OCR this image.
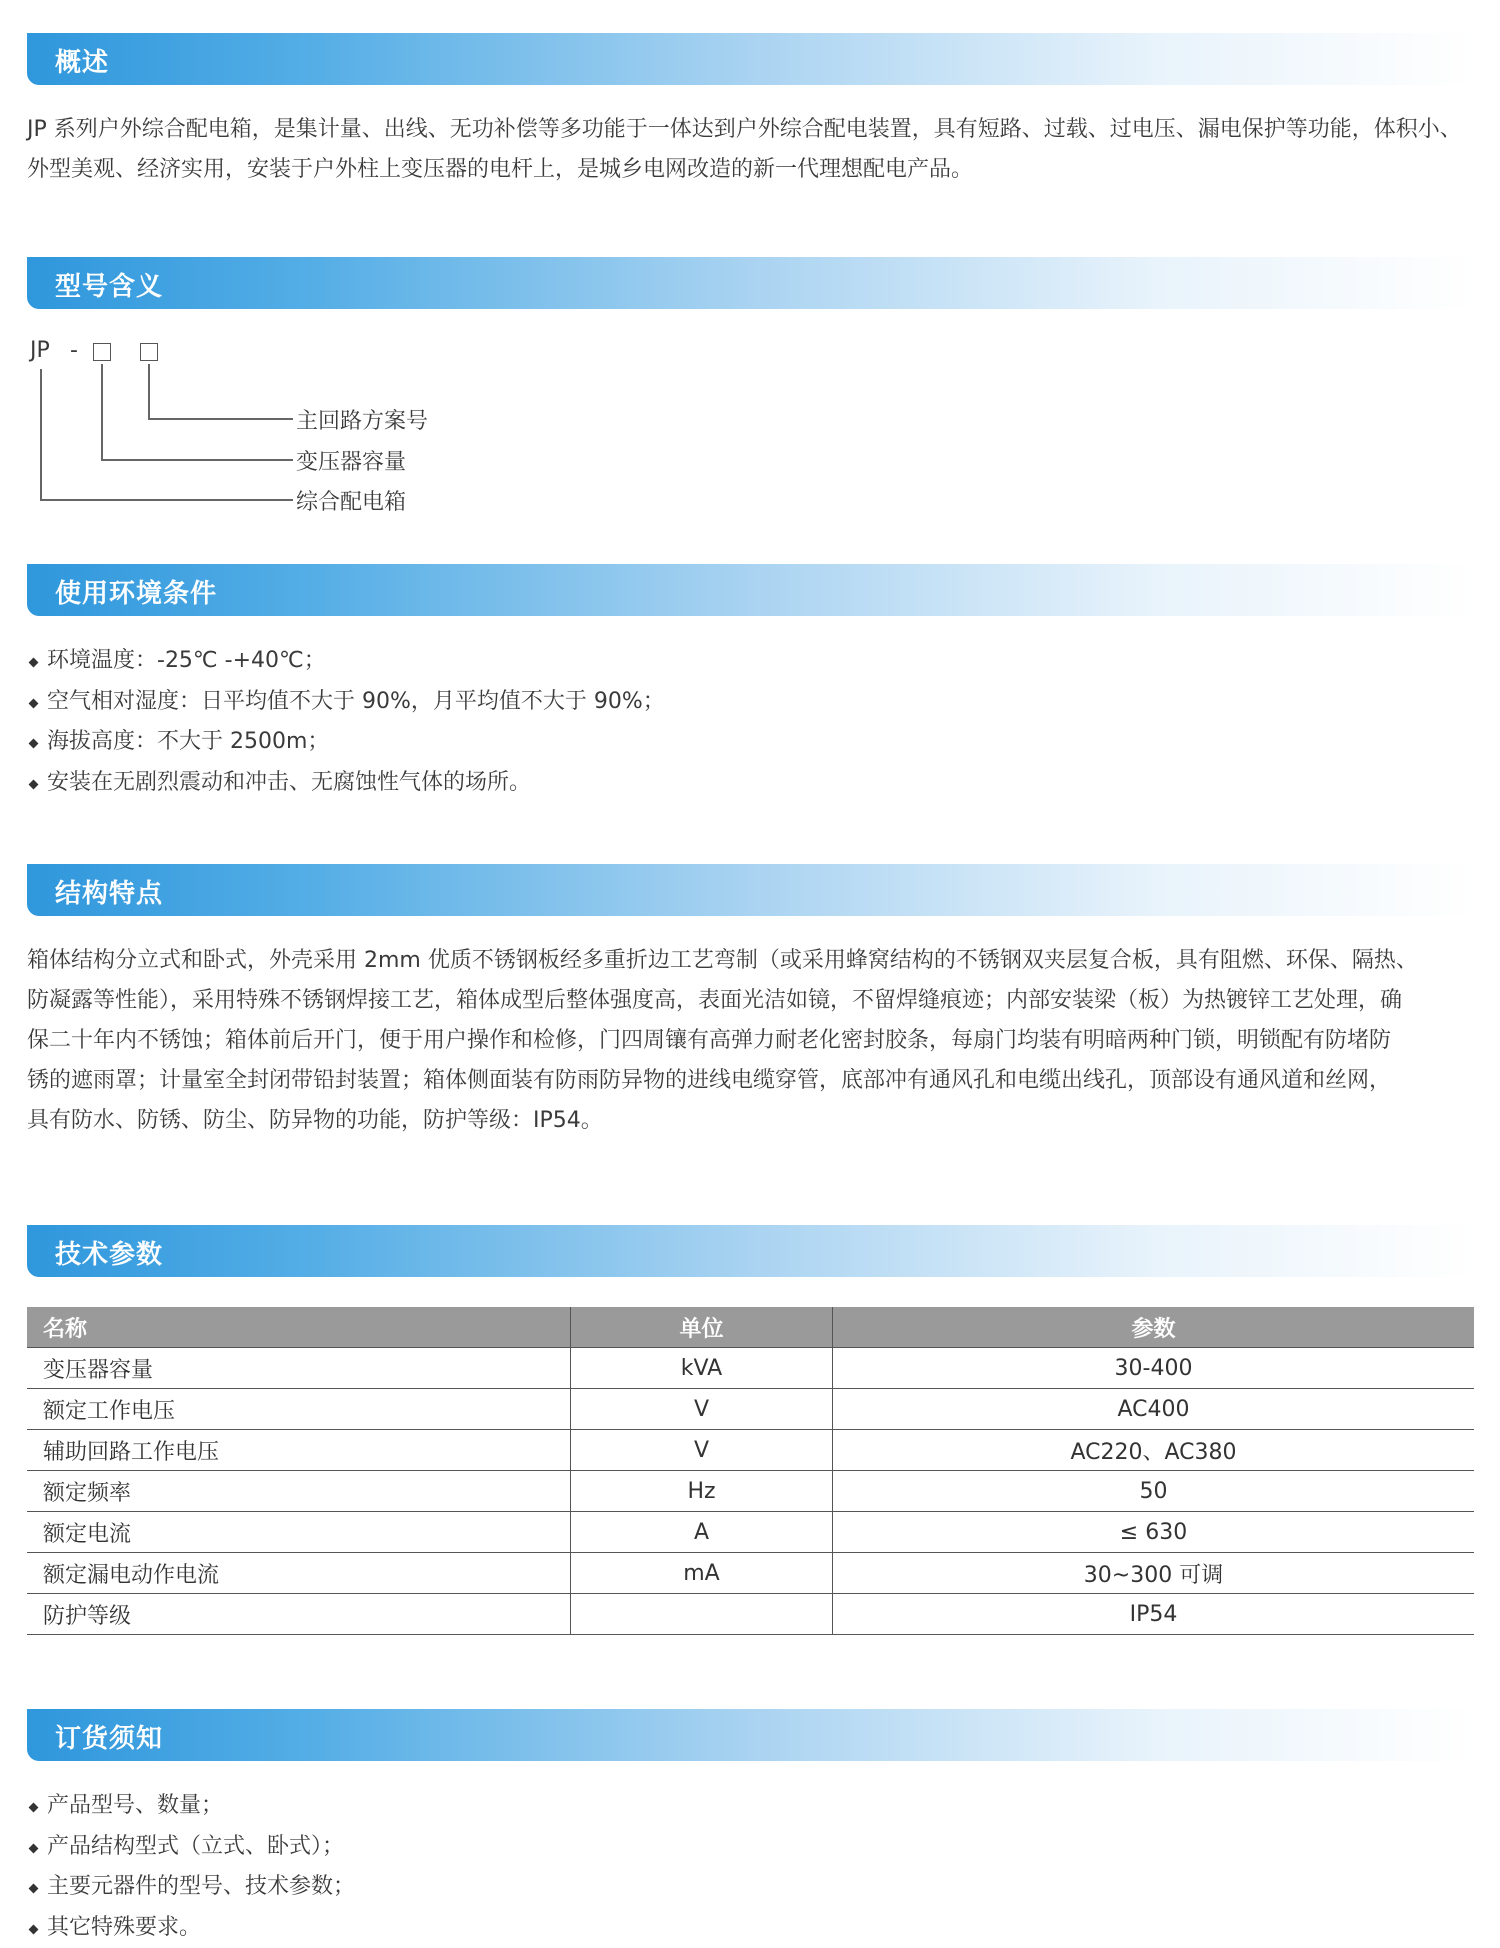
概述
JP 系列户外综合配电箱，是集计量、出线、无功补偿等多功能于一体达到户外综合配电装置，具有短路、过载、过电压、漏电保护等功能，体积小、
外型美观、经济实用，安装于户外柱上变压器的电杆上，是城乡电网改造的新一代理想配电产品。
型号含义
JP -
主回路方案号
变压器容量
综合配电箱
使用环境条件
环境温度：-25℃ -+40℃；
空气相对湿度：日平均值不大于 90%，月平均值不大于 90%；
海拔高度：不大于 2500m；
安装在无剧烈震动和冲击、无腐蚀性气体的场所。
结构特点
箱体结构分立式和卧式，外壳采用 2mm 优质不锈钢板经多重折边工艺弯制（或采用蜂窝结构的不锈钢双夹层复合板，具有阻燃、环保、隔热、
防凝露等性能），采用特殊不锈钢焊接工艺，箱体成型后整体强度高，表面光洁如镜，不留焊缝痕迹；内部安装梁（板）为热镀锌工艺处理，确
保二十年内不锈蚀；箱体前后开门，便于用户操作和检修，门四周镶有高弹力耐老化密封胶条，每扇门均装有明暗两种门锁，明锁配有防堵防
锈的遮雨罩；计量室全封闭带铅封装置；箱体侧面装有防雨防异物的进线电缆穿管，底部冲有通风孔和电缆出线孔，顶部设有通风道和丝网，
具有防水、防锈、防尘、防异物的功能，防护等级：IP54。
技术参数
名称	单位	参数
变压器容量	kVA	30-400
额定工作电压	V	AC400
辅助回路工作电压	V	AC220、AC380
额定频率	Hz	50
额定电流	A	≤ 630
额定漏电动作电流	mA	30~300 可调
防护等级		IP54
订货须知
产品型号、数量；
产品结构型式（立式、卧式）；
主要元器件的型号、技术参数；
其它特殊要求。
